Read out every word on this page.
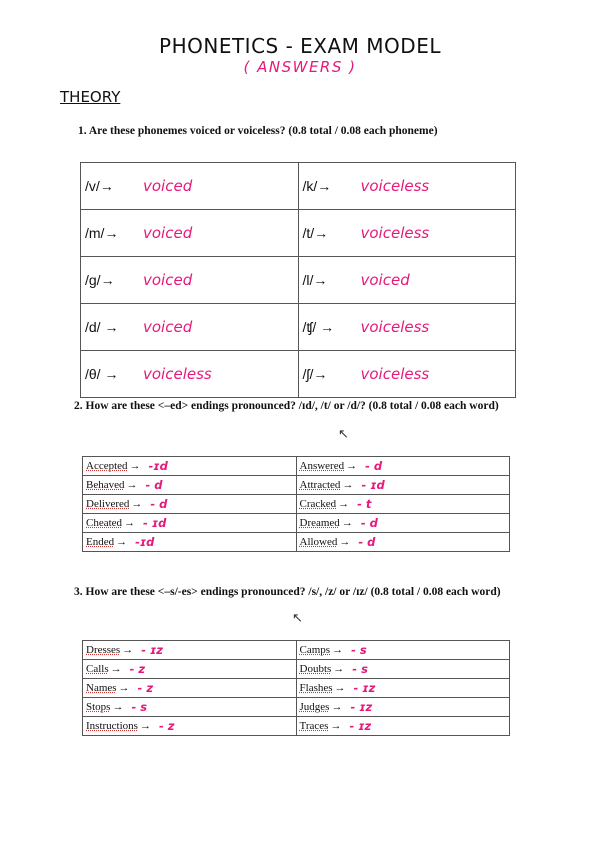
PHONETICS - EXAM MODEL
( ANSWERS )
THEORY
1. Are these phonemes voiced or voiceless? (0.8 total / 0.08 each phoneme)
/v/→ voiced	/k/→ voiceless

/m/→ voiced	/t/→ voiceless

/g/→ voiced	/l/→ voiced

/d/ → voiced	/ʧ/ → voiceless

/θ/ → voiceless	/ʃ/→ voiceless
2. How are these <–ed> endings pronounced? /ɪd/, /t/ or /d/? (0.8 total / 0.08 each word)
Accepted → -ɪd	Answered → - d

Behaved → - d	Attracted → - ɪd

Delivered → - d	Cracked → - t

Cheated → - ɪd	Dreamed → - d

Ended → -ɪd	Allowed → - d
3. How are these <–s/-es> endings pronounced? /s/, /z/ or /ɪz/ (0.8 total / 0.08 each word)
Dresses → - ɪz	Camps → - s

Calls → - z	Doubts → - s

Names → - z	Flashes → - ɪz

Stops → - s	Judges → - ɪz

Instructions → - z	Traces → - ɪz
↖
↖
